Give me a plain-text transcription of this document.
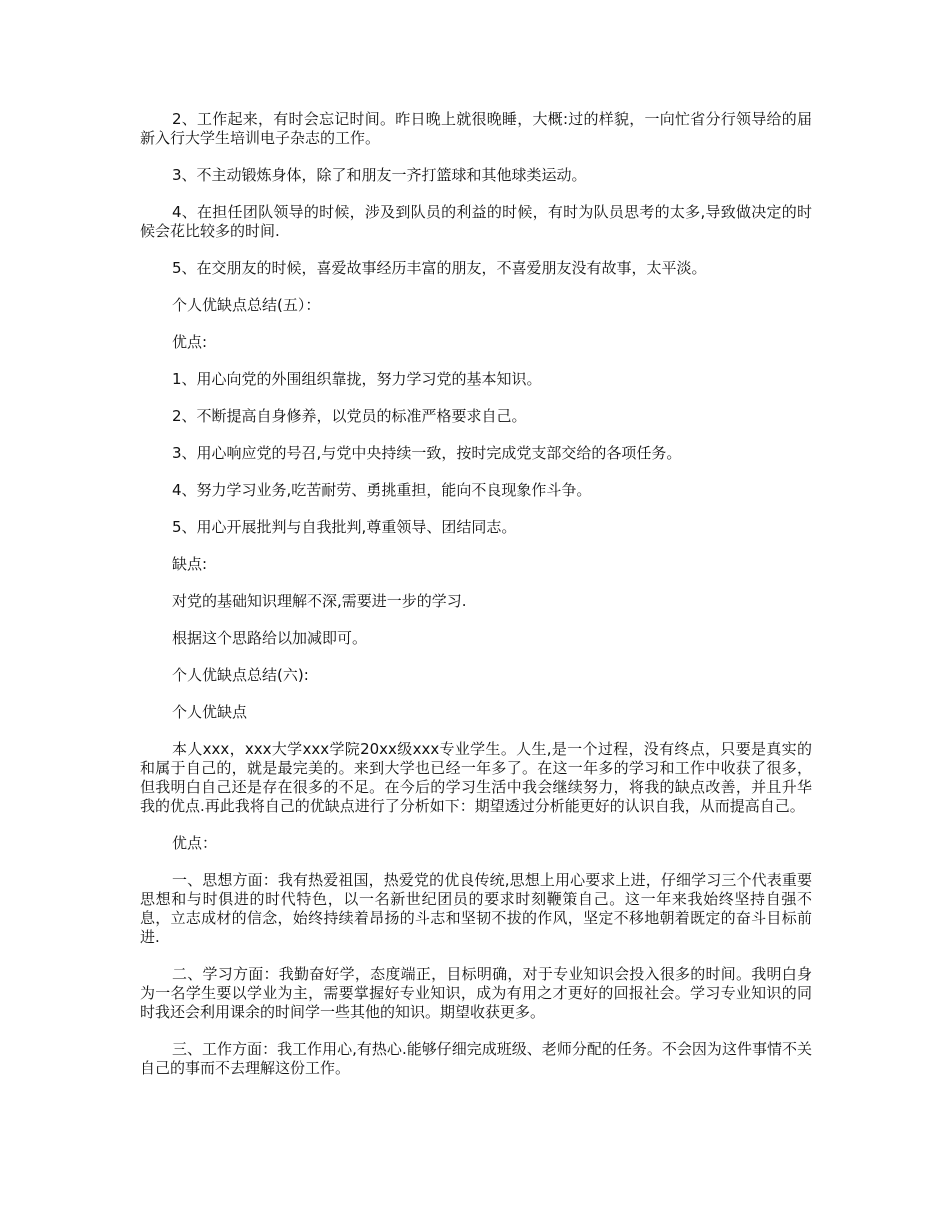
2、工作起来，有时会忘记时间。昨日晚上就很晚睡，大概:过的样貌，一向忙省分行领导给的届新入行大学生培训电子杂志的工作。

3、不主动锻炼身体，除了和朋友一齐打篮球和其他球类运动。

4、在担任团队领导的时候，涉及到队员的利益的时候，有时为队员思考的太多,导致做决定的时候会花比较多的时间.

5、在交朋友的时候，喜爱故事经历丰富的朋友，不喜爱朋友没有故事，太平淡。

个人优缺点总结(五）：

优点:

1、用心向党的外围组织靠拢，努力学习党的基本知识。

2、不断提高自身修养，以党员的标准严格要求自己。

3、用心响应党的号召,与党中央持续一致，按时完成党支部交给的各项任务。

4、努力学习业务,吃苦耐劳、勇挑重担，能向不良现象作斗争。

5、用心开展批判与自我批判,尊重领导、团结同志。

缺点:

对党的基础知识理解不深,需要进一步的学习.

根据这个思路给以加减即可。

个人优缺点总结(六):

个人优缺点

本人xxx，xxx大学xxx学院20xx级xxx专业学生。人生,是一个过程，没有终点，只要是真实的和属于自己的，就是最完美的。来到大学也已经一年多了。在这一年多的学习和工作中收获了很多，但我明白自己还是存在很多的不足。在今后的学习生活中我会继续努力，将我的缺点改善，并且升华我的优点.再此我将自己的优缺点进行了分析如下：期望透过分析能更好的认识自我，从而提高自己。

优点：

一、思想方面：我有热爱祖国，热爱党的优良传统,思想上用心要求上进，仔细学习三个代表重要思想和与时俱进的时代特色，以一名新世纪团员的要求时刻鞭策自己。这一年来我始终坚持自强不息，立志成材的信念，始终持续着昂扬的斗志和坚韧不拔的作风，坚定不移地朝着既定的奋斗目标前进.

二、学习方面：我勤奋好学，态度端正，目标明确，对于专业知识会投入很多的时间。我明白身为一名学生要以学业为主，需要掌握好专业知识，成为有用之才更好的回报社会。学习专业知识的同时我还会利用课余的时间学一些其他的知识。期望收获更多。

三、工作方面：我工作用心,有热心.能够仔细完成班级、老师分配的任务。不会因为这件事情不关自己的事而不去理解这份工作。
